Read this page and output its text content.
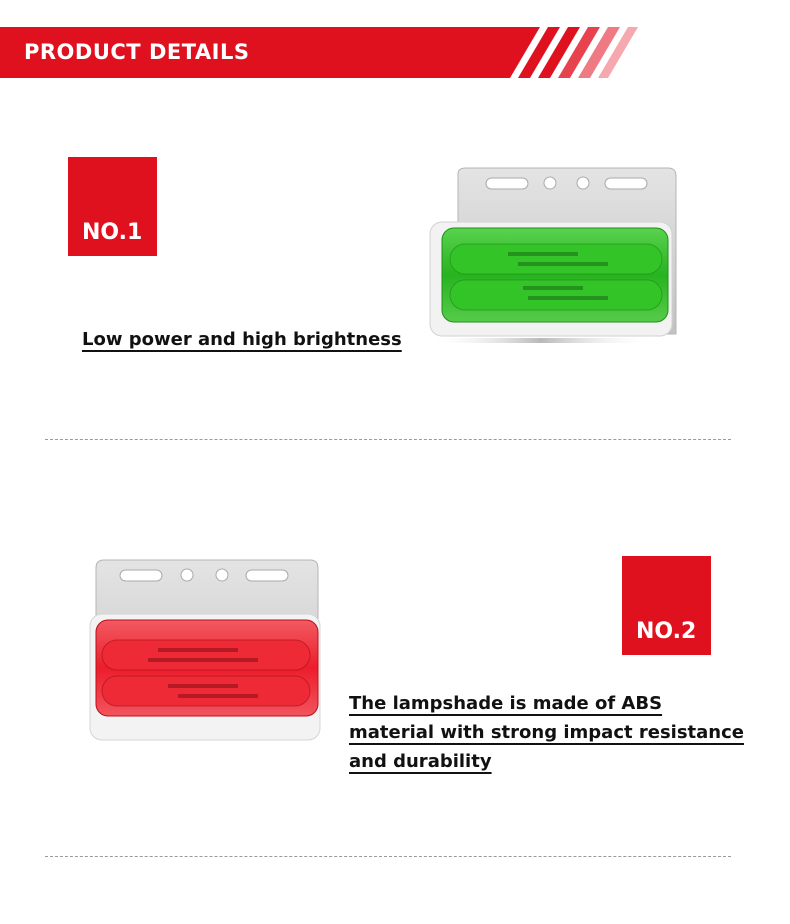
PRODUCT DETAILS
NO.1
Low power and high brightness
NO.2
The lampshade is made of ABS
material with strong impact resistance
and durability
